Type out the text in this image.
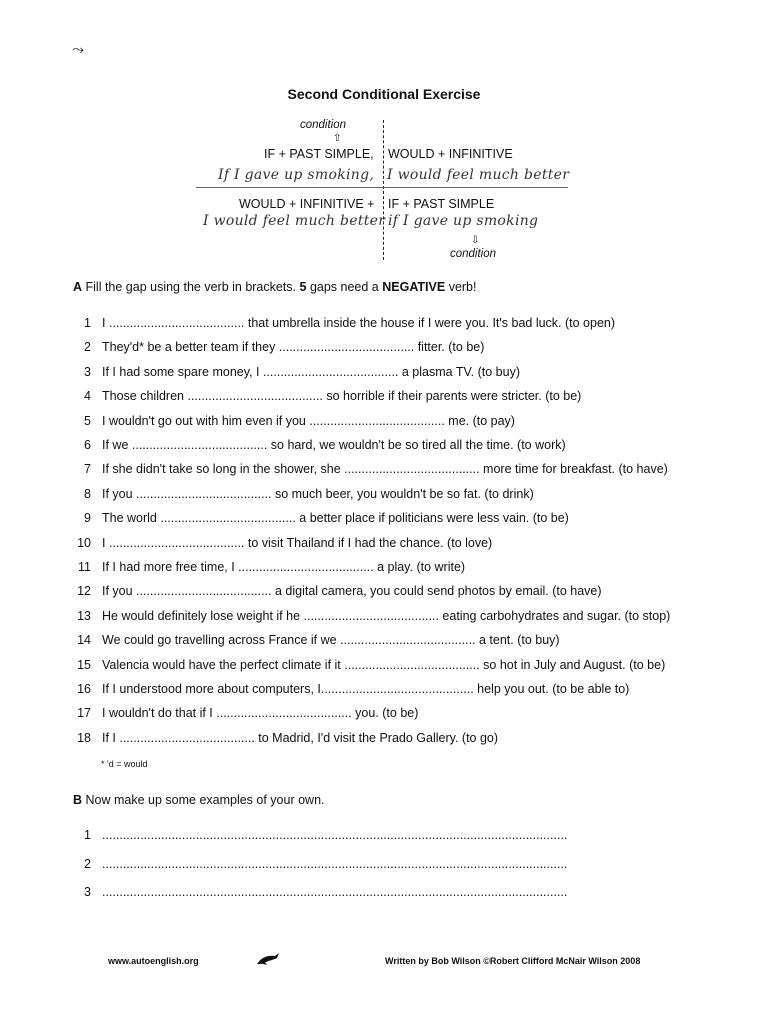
⤳
Second Conditional Exercise
condition
⇧
IF + PAST SIMPLE, WOULD + INFINITIVE
If I gave up smoking, I would feel much better
WOULD + INFINITIVE + IF + PAST SIMPLE
I would feel much better if I gave up smoking
⇩
condition
A Fill the gap using the verb in brackets. 5 gaps need a NEGATIVE verb!
1 I ....................................... that umbrella inside the house if I were you. It's bad luck. (to open)
2 They'd* be a better team if they ....................................... fitter. (to be)
3 If I had some spare money, I ....................................... a plasma TV. (to buy)
4 Those children ....................................... so horrible if their parents were stricter. (to be)
5 I wouldn't go out with him even if you ....................................... me. (to pay)
6 If we ....................................... so hard, we wouldn't be so tired all the time. (to work)
7 If she didn't take so long in the shower, she ....................................... more time for breakfast. (to have)
8 If you ....................................... so much beer, you wouldn't be so fat. (to drink)
9 The world ....................................... a better place if politicians were less vain. (to be)
10 I ....................................... to visit Thailand if I had the chance. (to love)
11 If I had more free time, I ....................................... a play. (to write)
12 If you ....................................... a digital camera, you could send photos by email. (to have)
13 He would definitely lose weight if he ....................................... eating carbohydrates and sugar. (to stop)
14 We could go travelling across France if we ....................................... a tent. (to buy)
15 Valencia would have the perfect climate if it ....................................... so hot in July and August. (to be)
16 If I understood more about computers, I............................................ help you out. (to be able to)
17 I wouldn't do that if I ....................................... you. (to be)
18 If I ....................................... to Madrid, I'd visit the Prado Gallery. (to go)
* 'd = would
B Now make up some examples of your own.
1 ......................................................................................................................................
2 ......................................................................................................................................
3 ......................................................................................................................................
www.autoenglish.org	Written by Bob Wilson ©Robert Clifford McNair Wilson 2008
